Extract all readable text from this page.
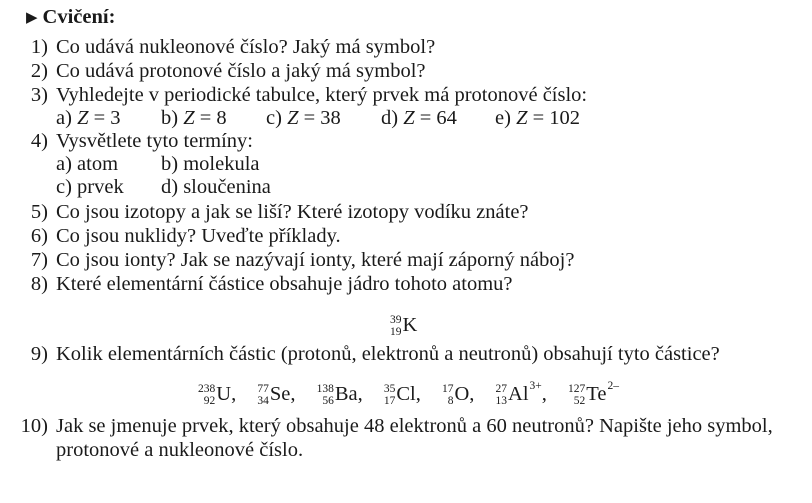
▶ Cvičení:
1) Co udává nukleonové číslo? Jaký má symbol?
2) Co udává protonové číslo a jaký má symbol?
3) Vyhledejte v periodické tabulce, který prvek má protonové číslo:
a) Z = 3 b) Z = 8 c) Z = 38 d) Z = 64 e) Z = 102
4) Vysvětlete tyto termíny:
a) atom b) molekula
c) prvek d) sloučenina
5) Co jsou izotopy a jak se liší? Které izotopy vodíku znáte?
6) Co jsou nuklidy? Uveďte příklady.
7) Co jsou ionty? Jak se nazývají ionty, které mají záporný náboj?
8) Které elementární částice obsahuje jádro tohoto atomu?
39
19 K
9) Kolik elementárních částic (protonů, elektronů a neutronů) obsahují tyto částice?
238
92 U ,
77
34 Se ,
138
56 Ba ,
35
17 Cl ,
17
8 O ,
27
13 Al 3+ ,
127
52 Te 2–
10) Jak se jmenuje prvek, který obsahuje 48 elektronů a 60 neutronů? Napište jeho symbol,
protonové a nukleonové číslo.
